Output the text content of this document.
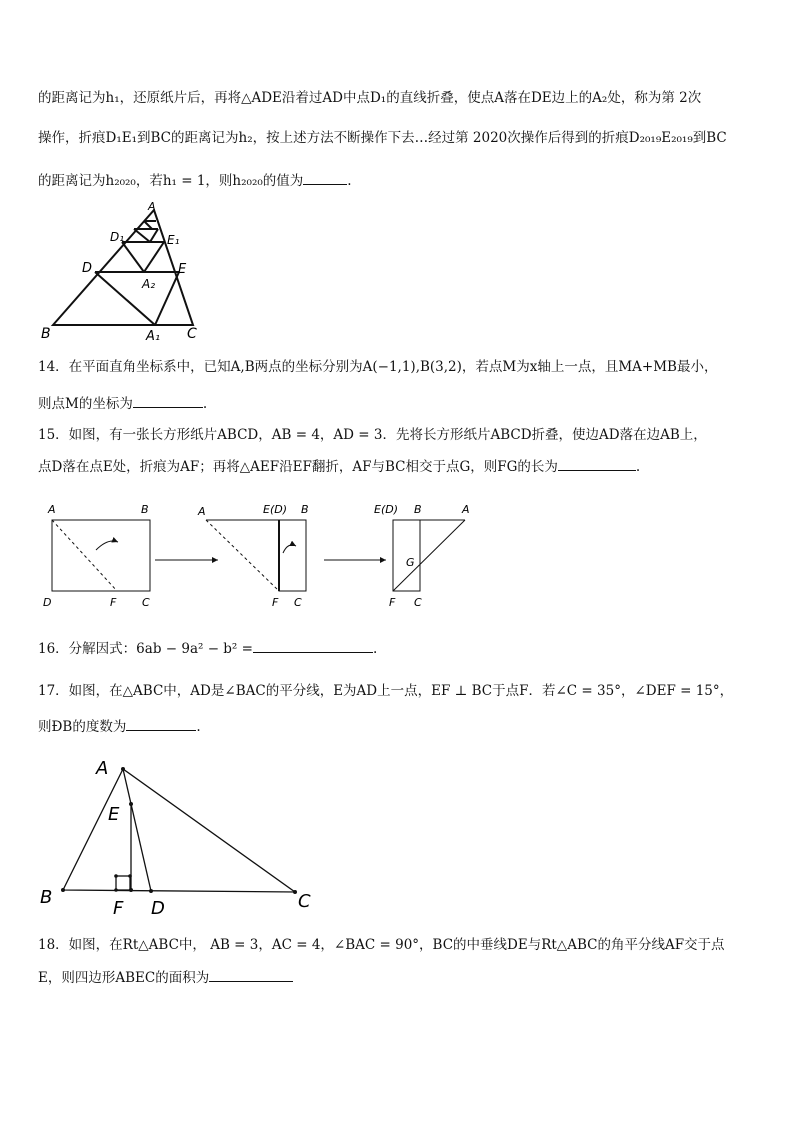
的距离记为h₁，还原纸片后，再将△ADE沿着过AD中点D₁的直线折叠，使点A落在DE边上的A₂处，称为第 2次
操作，折痕D₁E₁到BC的距离记为h₂，按上述方法不断操作下去…经过第 2020次操作后得到的折痕D₂₀₁₉E₂₀₁₉到BC
的距离记为h₂₀₂₀，若h₁ = 1，则h₂₀₂₀的值为	.
A
D₁	E₁
D	E
A₂
B	A₁ C
14．在平面直角坐标系中，已知A,B两点的坐标分别为A(−1,1),B(3,2)，若点M为x轴上一点，且MA+MB最小，
则点M的坐标为	.
15．如图，有一张长方形纸片ABCD，AB = 4，AD = 3．先将长方形纸片ABCD折叠，使边AD落在边AB上，
点D落在点E处，折痕为AF；再将△AEF沿EF翻折，AF与BC相交于点G，则FG的长为	.
A	B
D	F C
A	E(D) B
F C
E(D) B	A
G
F C
16．分解因式：6ab − 9a² − b² =	.
17．如图，在△ABC中，AD是∠BAC的平分线，E为AD上一点，EF ⊥ BC于点F．若∠C = 35°，∠DEF = 15°，
则ÐB的度数为	.
A
E
B
F D	C
18．如图，在Rt△ABC中， AB = 3，AC = 4，∠BAC = 90°，BC的中垂线DE与Rt△ABC的角平分线AF交于点
E，则四边形ABEC的面积为
